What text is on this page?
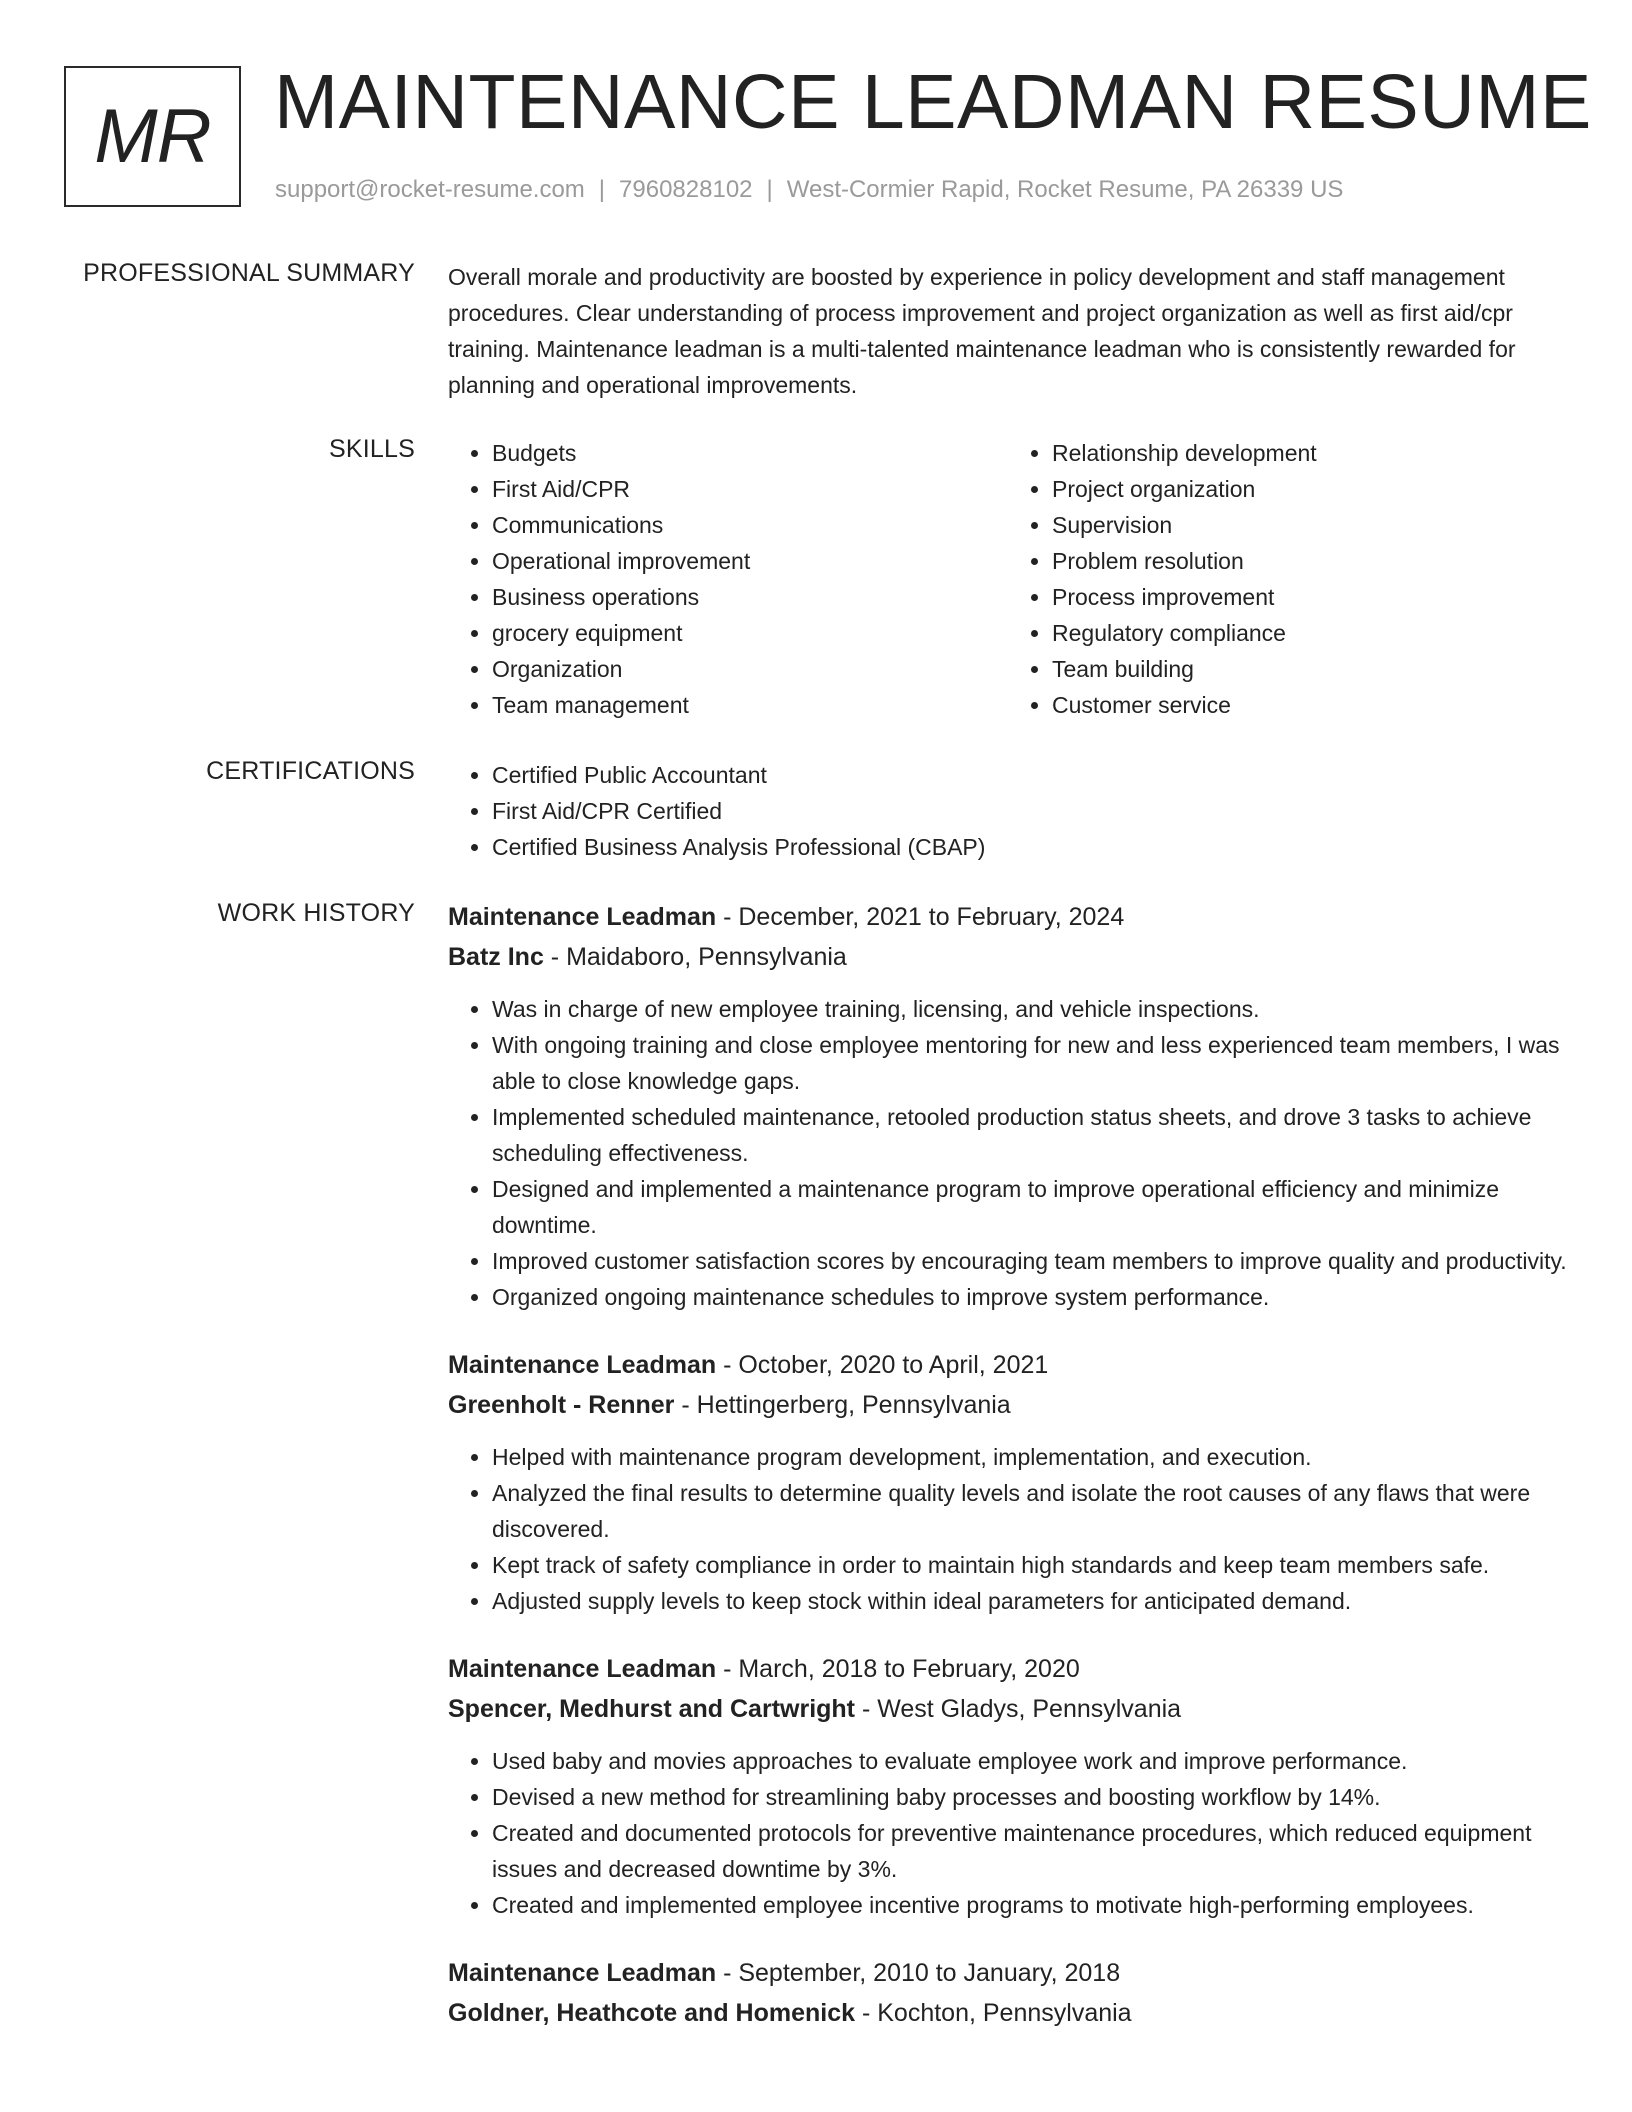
MR MAINTENANCE LEADMAN RESUME
support@rocket-resume.com | 7960828102 | West-Cormier Rapid, Rocket Resume, PA 26339 US
PROFESSIONAL SUMMARY Overall morale and productivity are boosted by experience in policy development and staff management procedures. Clear understanding of process improvement and project organization as well as first aid/cpr training. Maintenance leadman is a multi-talented maintenance leadman who is consistently rewarded for planning and operational improvements.
SKILLS	• Budgets
• First Aid/CPR
• Communications
• Operational improvement
• Business operations
• grocery equipment
• Organization
• Team management
• Relationship development
• Project organization
• Supervision
• Problem resolution
• Process improvement
• Regulatory compliance
• Team building
• Customer service
CERTIFICATIONS	• Certified Public Accountant
• First Aid/CPR Certified
• Certified Business Analysis Professional (CBAP)
WORK HISTORY Maintenance Leadman - December, 2021 to February, 2024
Batz Inc - Maidaboro, Pennsylvania
• Was in charge of new employee training, licensing, and vehicle inspections.
• With ongoing training and close employee mentoring for new and less experienced team members, I was able to close knowledge gaps.
• Implemented scheduled maintenance, retooled production status sheets, and drove 3 tasks to achieve scheduling effectiveness.
• Designed and implemented a maintenance program to improve operational efficiency and minimize downtime.
• Improved customer satisfaction scores by encouraging team members to improve quality and productivity.
• Organized ongoing maintenance schedules to improve system performance.
Maintenance Leadman - October, 2020 to April, 2021
Greenholt - Renner - Hettingerberg, Pennsylvania
• Helped with maintenance program development, implementation, and execution.
• Analyzed the final results to determine quality levels and isolate the root causes of any flaws that were discovered.
• Kept track of safety compliance in order to maintain high standards and keep team members safe.
• Adjusted supply levels to keep stock within ideal parameters for anticipated demand.
Maintenance Leadman - March, 2018 to February, 2020
Spencer, Medhurst and Cartwright - West Gladys, Pennsylvania
• Used baby and movies approaches to evaluate employee work and improve performance.
• Devised a new method for streamlining baby processes and boosting workflow by 14%.
• Created and documented protocols for preventive maintenance procedures, which reduced equipment issues and decreased downtime by 3%.
• Created and implemented employee incentive programs to motivate high-performing employees.
Maintenance Leadman - September, 2010 to January, 2018
Goldner, Heathcote and Homenick - Kochton, Pennsylvania
